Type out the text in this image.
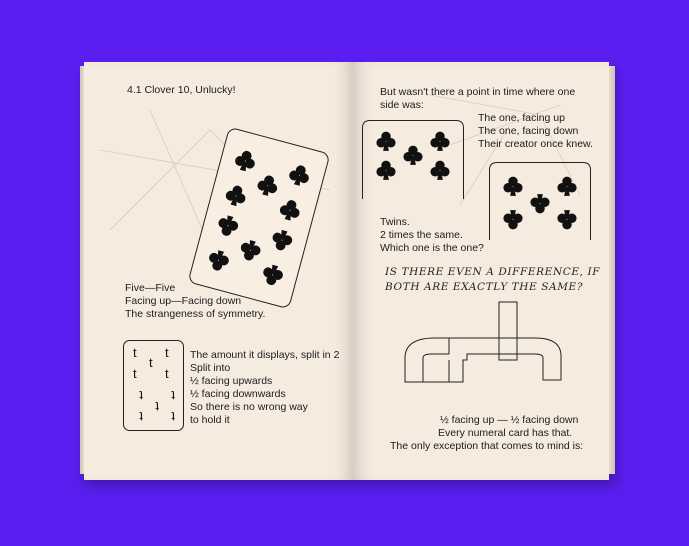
4.1 Clover 10, Unlucky!
Five—Five
Facing up—Facing down
The strangeness of symmetry.
t t
t
t t
t
t
t
t
t
The amount it displays, split in 2
Split into
½ facing upwards
½ facing downwards
So there is no wrong way
to hold it
But wasn't there a point in time where one
side was:
The one, facing up
The one, facing down
Their creator once knew.
Twins.
2 times the same.
Which one is the one?
IS THERE EVEN A DIFFERENCE, IF
BOTH ARE EXACTLY THE SAME?
½ facing up — ½ facing down
Every numeral card has that.
The only exception that comes to mind is:
